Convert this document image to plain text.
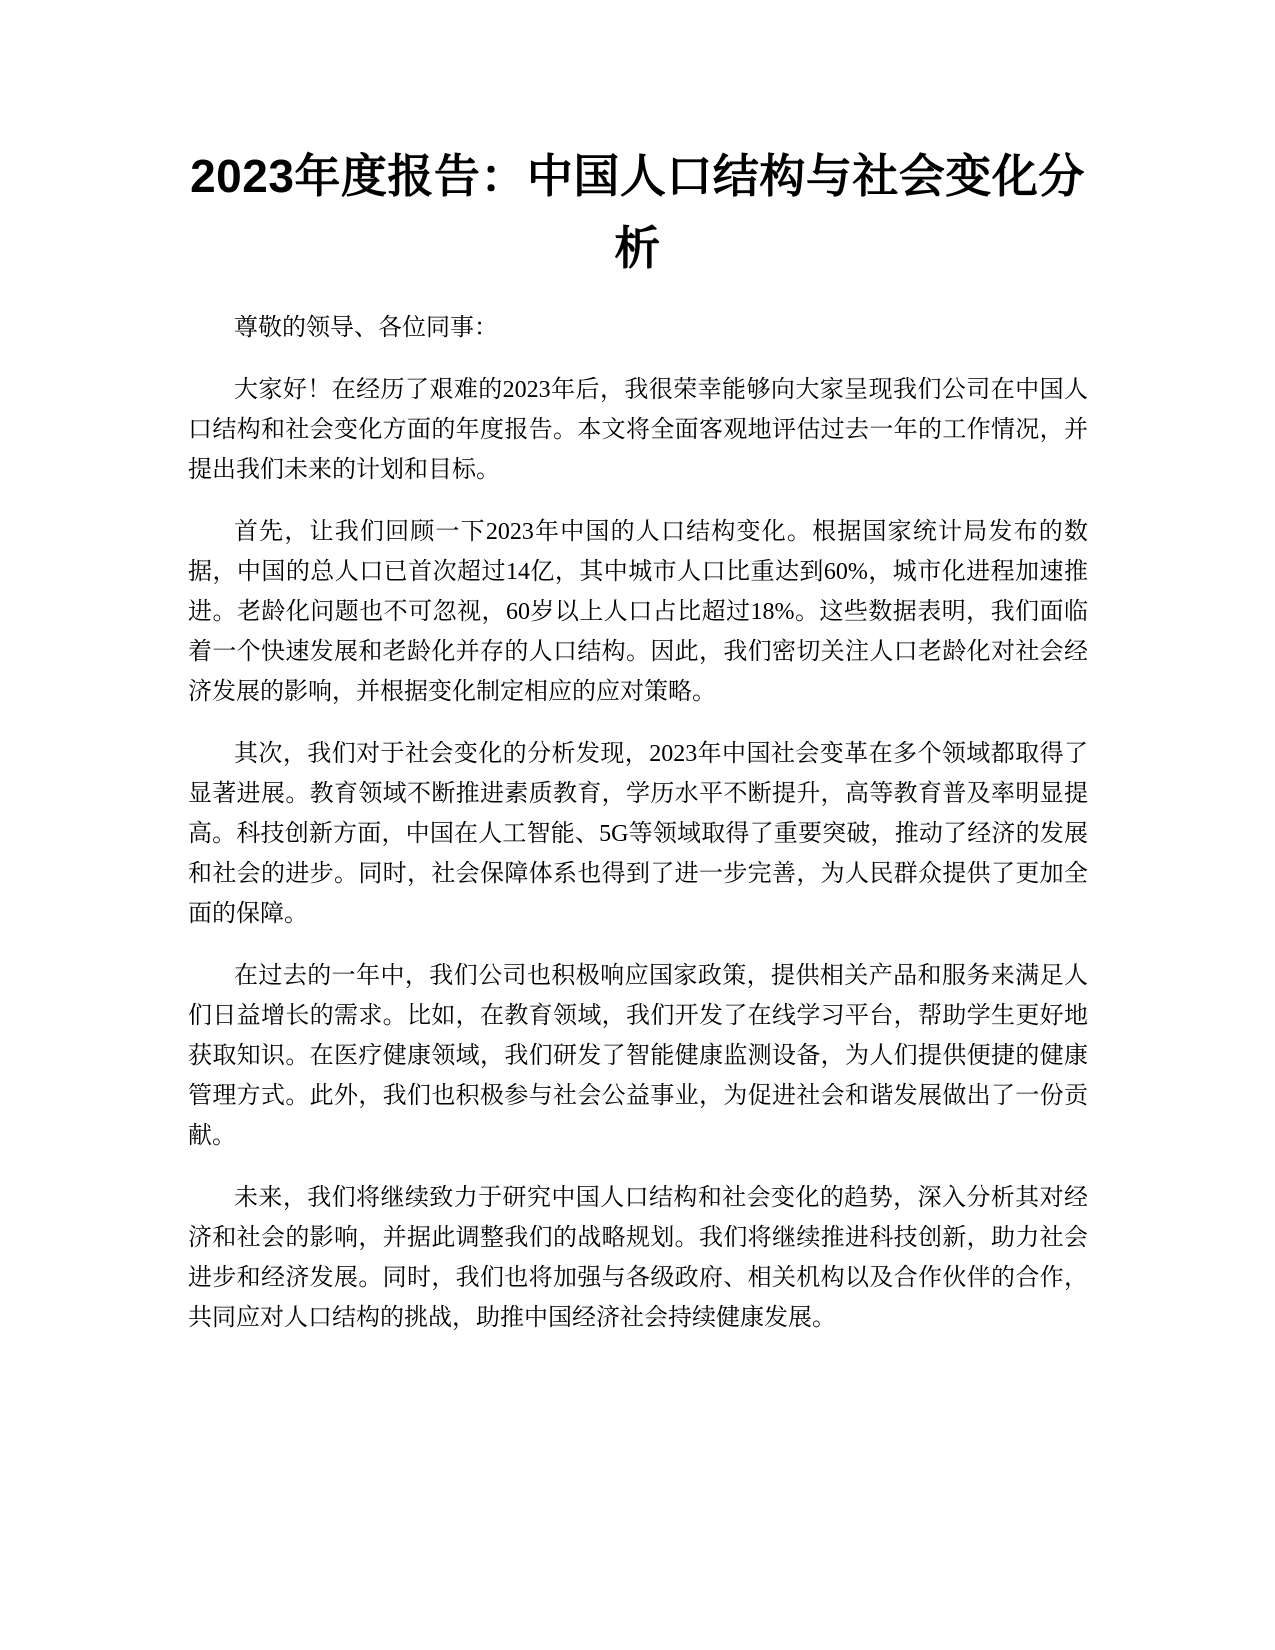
2023年度报告：中国人口结构与社会变化分析

尊敬的领导、各位同事：

大家好！在经历了艰难的2023年后，我很荣幸能够向大家呈现我们公司在中国人口结构和社会变化方面的年度报告。本文将全面客观地评估过去一年的工作情况，并提出我们未来的计划和目标。

首先，让我们回顾一下2023年中国的人口结构变化。根据国家统计局发布的数据，中国的总人口已首次超过14亿，其中城市人口比重达到60%，城市化进程加速推进。老龄化问题也不可忽视，60岁以上人口占比超过18%。这些数据表明，我们面临着一个快速发展和老龄化并存的人口结构。因此，我们密切关注人口老龄化对社会经济发展的影响，并根据变化制定相应的应对策略。

其次，我们对于社会变化的分析发现，2023年中国社会变革在多个领域都取得了显著进展。教育领域不断推进素质教育，学历水平不断提升，高等教育普及率明显提高。科技创新方面，中国在人工智能、5G等领域取得了重要突破，推动了经济的发展和社会的进步。同时，社会保障体系也得到了进一步完善，为人民群众提供了更加全面的保障。

在过去的一年中，我们公司也积极响应国家政策，提供相关产品和服务来满足人们日益增长的需求。比如，在教育领域，我们开发了在线学习平台，帮助学生更好地获取知识。在医疗健康领域，我们研发了智能健康监测设备，为人们提供便捷的健康管理方式。此外，我们也积极参与社会公益事业，为促进社会和谐发展做出了一份贡献。

未来，我们将继续致力于研究中国人口结构和社会变化的趋势，深入分析其对经济和社会的影响，并据此调整我们的战略规划。我们将继续推进科技创新，助力社会进步和经济发展。同时，我们也将加强与各级政府、相关机构以及合作伙伴的合作，共同应对人口结构的挑战，助推中国经济社会持续健康发展。
